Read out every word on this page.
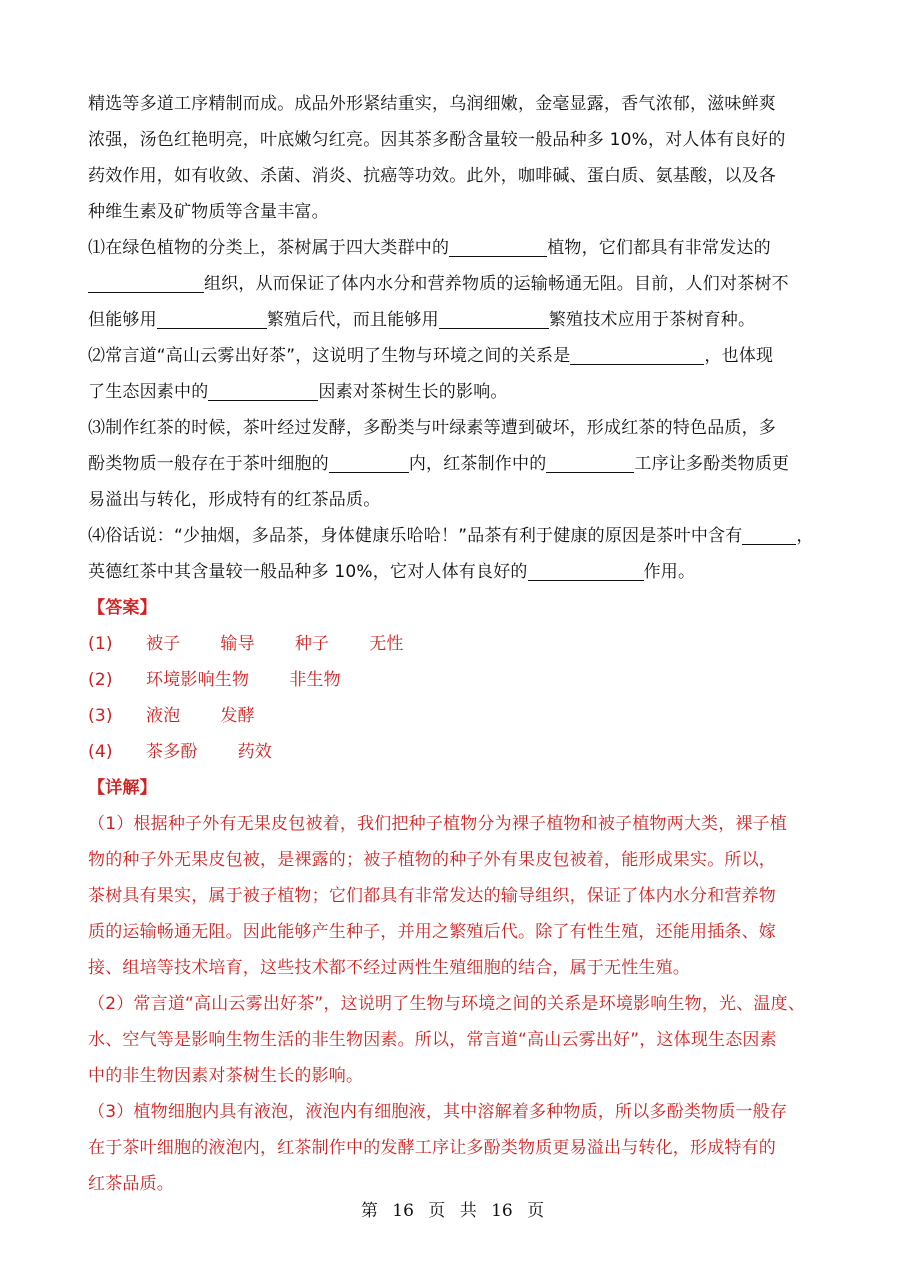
精选等多道工序精制而成。成品外形紧结重实，乌润细嫩，金毫显露，香气浓郁，滋味鲜爽
浓强，汤色红艳明亮，叶底嫩匀红亮。因其茶多酚含量较一般品种多 10%，对人体有良好的
药效作用，如有收敛、杀菌、消炎、抗癌等功效。此外，咖啡碱、蛋白质、氨基酸，以及各
种维生素及矿物质等含量丰富。
⑴在绿色植物的分类上，茶树属于四大类群中的	植物，它们都具有非常发达的
组织，从而保证了体内水分和营养物质的运输畅通无阻。目前，人们对茶树不
但能够用	繁殖后代，而且能够用	繁殖技术应用于茶树育种。
⑵常言道“高山云雾出好茶”，这说明了生物与环境之间的关系是	，也体现
了生态因素中的	因素对茶树生长的影响。
⑶制作红茶的时候，茶叶经过发酵，多酚类与叶绿素等遭到破坏，形成红茶的特色品质，多
酚类物质一般存在于茶叶细胞的	内，红茶制作中的	工序让多酚类物质更
易溢出与转化，形成特有的红茶品质。
⑷俗话说：“少抽烟，多品茶，身体健康乐哈哈！”品茶有利于健康的原因是茶叶中含有	，
英德红茶中其含量较一般品种多 10%，它对人体有良好的	作用。
【答案】
(1)	被子 输导 种子 无性
(2)	环境影响生物 非生物
(3)	液泡 发酵
(4)	茶多酚 药效
【详解】
（1）根据种子外有无果皮包被着，我们把种子植物分为裸子植物和被子植物两大类，裸子植
物的种子外无果皮包被，是裸露的；被子植物的种子外有果皮包被着，能形成果实。所以，
茶树具有果实，属于被子植物；它们都具有非常发达的输导组织，保证了体内水分和营养物
质的运输畅通无阻。因此能够产生种子，并用之繁殖后代。除了有性生殖，还能用插条、嫁
接、组培等技术培育，这些技术都不经过两性生殖细胞的结合，属于无性生殖。
（2）常言道“高山云雾出好茶”，这说明了生物与环境之间的关系是环境影响生物，光、温度、
水、空气等是影响生物生活的非生物因素。所以，常言道“高山云雾出好”，这体现生态因素
中的非生物因素对茶树生长的影响。
（3）植物细胞内具有液泡，液泡内有细胞液，其中溶解着多种物质，所以多酚类物质一般存
在于茶叶细胞的液泡内，红茶制作中的发酵工序让多酚类物质更易溢出与转化，形成特有的
红茶品质。
第 16 页 共 16 页
